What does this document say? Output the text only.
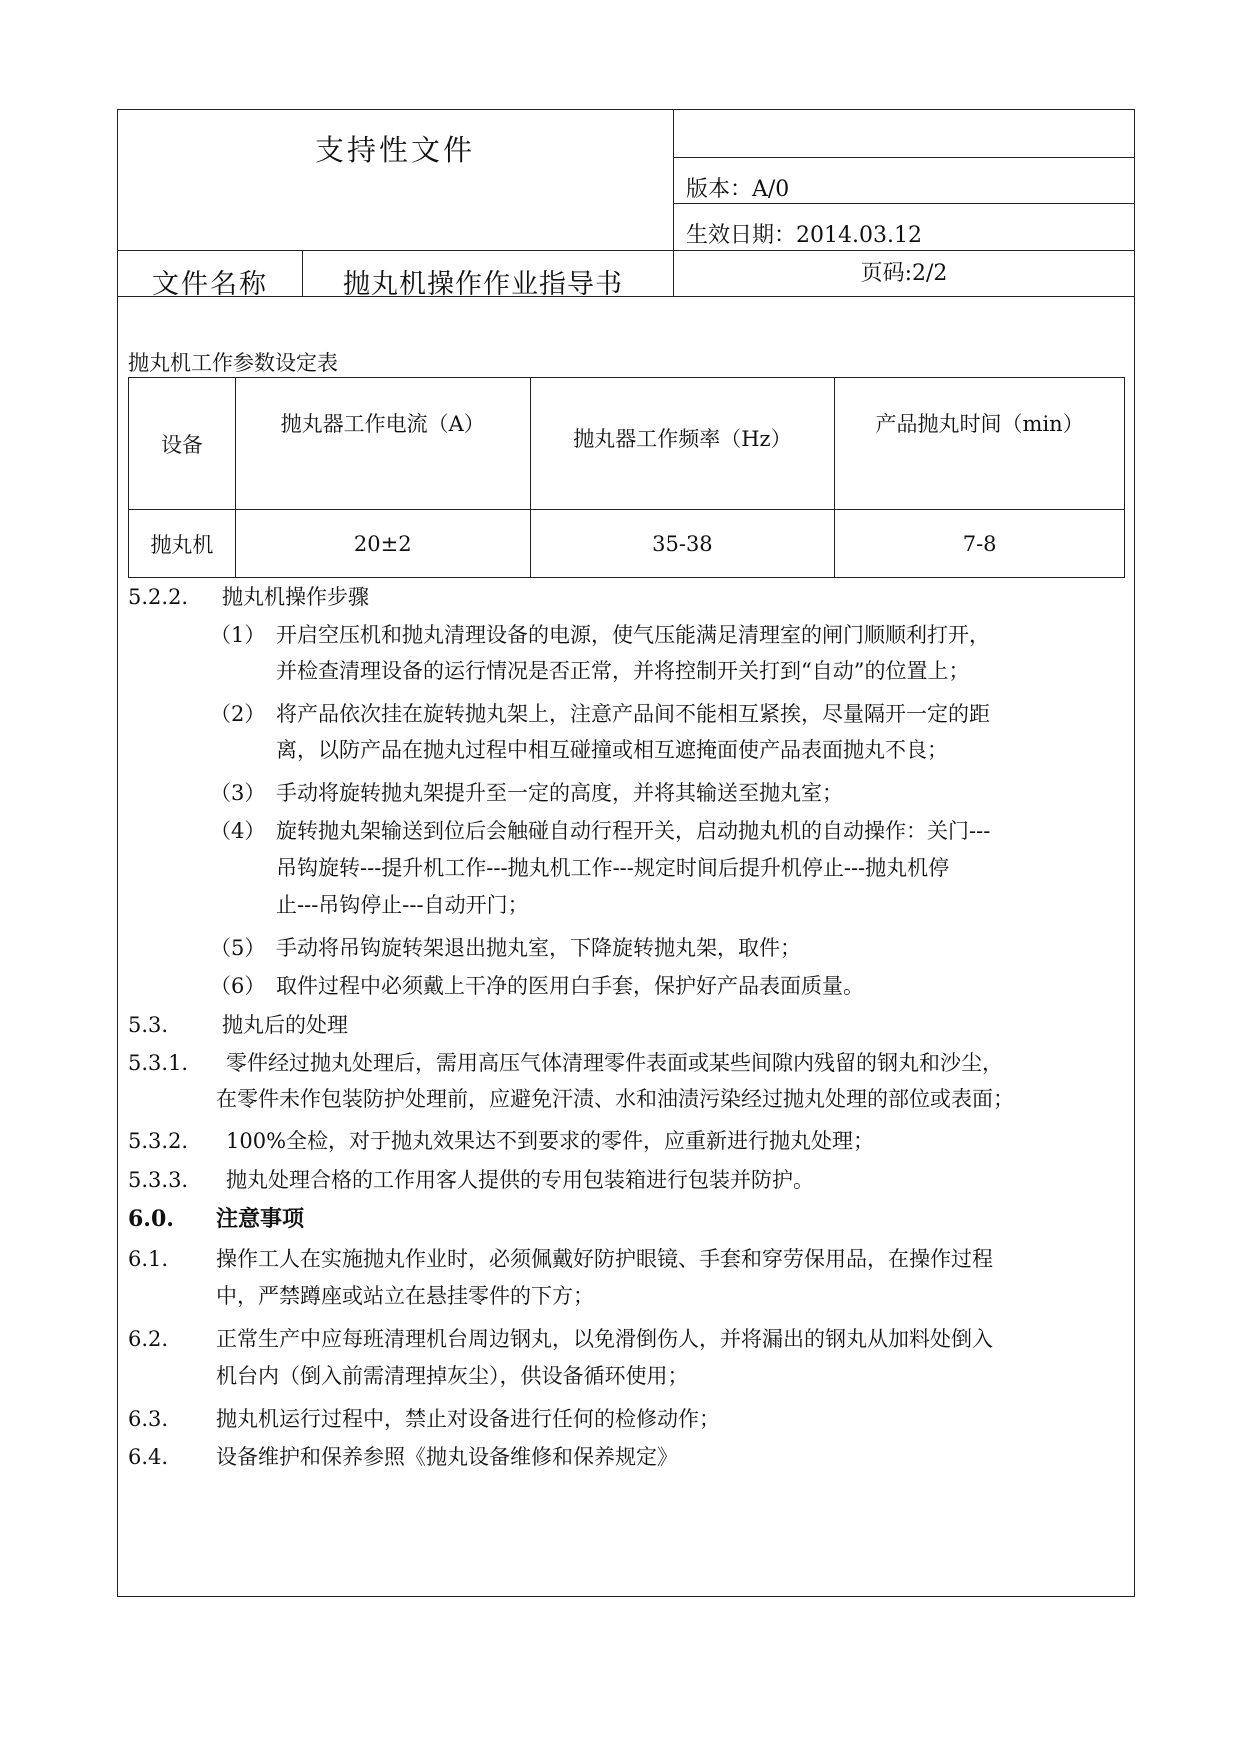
支持性文件
版本：A/0
生效日期：2014.03.12
文件名称	抛丸机操作作业指导书	页码:2/2
抛丸机工作参数设定表
设备	抛丸器工作电流（A）	抛丸器工作频率（Hz）	产品抛丸时间（min）
抛丸机	20±2	35-38	7-8
5.2.2. 抛丸机操作步骤
（1） 开启空压机和抛丸清理设备的电源，使气压能满足清理室的闸门顺顺利打开，
并检查清理设备的运行情况是否正常，并将控制开关打到“自动”的位置上；
（2） 将产品依次挂在旋转抛丸架上，注意产品间不能相互紧挨，尽量隔开一定的距
离，以防产品在抛丸过程中相互碰撞或相互遮掩面使产品表面抛丸不良；
（3） 手动将旋转抛丸架提升至一定的高度，并将其输送至抛丸室；
（4） 旋转抛丸架输送到位后会触碰自动行程开关，启动抛丸机的自动操作：关门---
吊钩旋转---提升机工作---抛丸机工作---规定时间后提升机停止---抛丸机停
止---吊钩停止---自动开门；
（5） 手动将吊钩旋转架退出抛丸室，下降旋转抛丸架，取件；
（6） 取件过程中必须戴上干净的医用白手套，保护好产品表面质量。
5.3.	抛丸后的处理
5.3.1. 零件经过抛丸处理后，需用高压气体清理零件表面或某些间隙内残留的钢丸和沙尘，
在零件未作包装防护处理前，应避免汗渍、水和油渍污染经过抛丸处理的部位或表面；
5.3.2. 100%全检，对于抛丸效果达不到要求的零件，应重新进行抛丸处理；
5.3.3. 抛丸处理合格的工作用客人提供的专用包装箱进行包装并防护。
6.0. 注意事项
6.1. 操作工人在实施抛丸作业时，必须佩戴好防护眼镜、手套和穿劳保用品，在操作过程
中，严禁蹲座或站立在悬挂零件的下方；
6.2. 正常生产中应每班清理机台周边钢丸，以免滑倒伤人，并将漏出的钢丸从加料处倒入
机台内（倒入前需清理掉灰尘），供设备循环使用；
6.3. 抛丸机运行过程中，禁止对设备进行任何的检修动作；
6.4. 设备维护和保养参照《抛丸设备维修和保养规定》
